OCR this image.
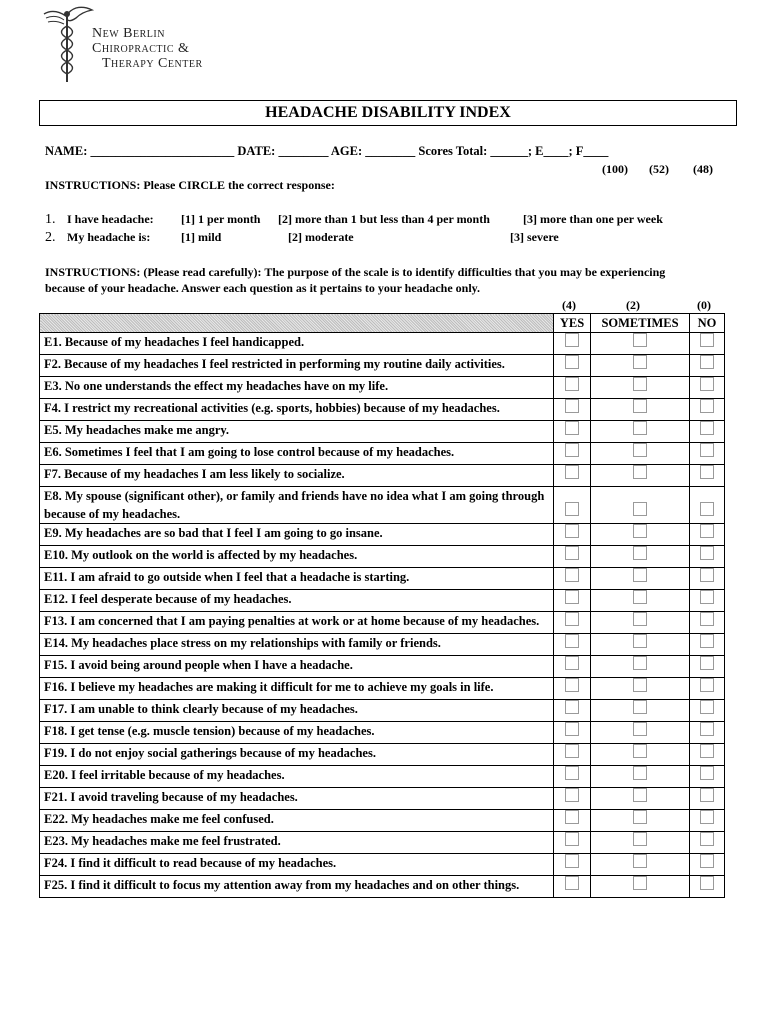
New Berlin
Chiropractic &
Therapy Center
HEADACHE DISABILITY INDEX
NAME: _______________________ DATE: ________ AGE: ________ Scores Total: ______; E____; F____
(100) (52) (48)
INSTRUCTIONS: Please CIRCLE the correct response:
1. I have headache: [1] 1 per month [2] more than 1 but less than 4 per month	[3] more than one per week
2. My headache is:	[1] mild	[2] moderate	[3] severe
INSTRUCTIONS: (Please read carefully): The purpose of the scale is to identify difficulties that you may be experiencing because of your headache. Answer each question as it pertains to your headache only.
(4)	(2)	(0)
	YES	SOMETIMES	NO
E1. Because of my headaches I feel handicapped.			
F2. Because of my headaches I feel restricted in performing my routine daily activities.			
E3. No one understands the effect my headaches have on my life.			
F4. I restrict my recreational activities (e.g. sports, hobbies) because of my headaches.			
E5. My headaches make me angry.			
E6. Sometimes I feel that I am going to lose control because of my headaches.			
F7. Because of my headaches I am less likely to socialize.			
E8. My spouse (significant other), or family and friends have no idea what I am going through because of my headaches.			
E9. My headaches are so bad that I feel I am going to go insane.			
E10. My outlook on the world is affected by my headaches.			
E11. I am afraid to go outside when I feel that a headache is starting.			
E12. I feel desperate because of my headaches.			
F13. I am concerned that I am paying penalties at work or at home because of my headaches.			
E14. My headaches place stress on my relationships with family or friends.			
F15. I avoid being around people when I have a headache.			
F16. I believe my headaches are making it difficult for me to achieve my goals in life.			
F17. I am unable to think clearly because of my headaches.			
F18. I get tense (e.g. muscle tension) because of my headaches.			
F19. I do not enjoy social gatherings because of my headaches.			
E20. I feel irritable because of my headaches.			
F21. I avoid traveling because of my headaches.			
E22. My headaches make me feel confused.			
E23. My headaches make me feel frustrated.			
F24. I find it difficult to read because of my headaches.			
F25. I find it difficult to focus my attention away from my headaches and on other things.			
